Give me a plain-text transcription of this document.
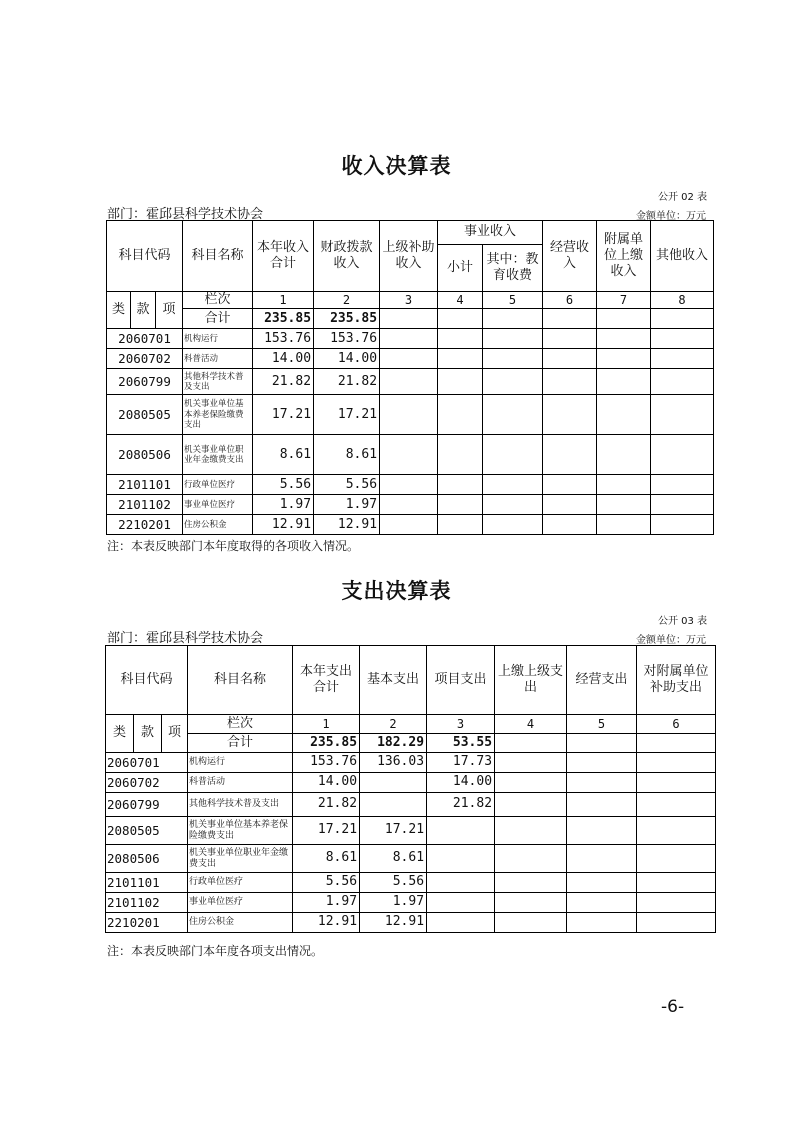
收入决算表
公开 02 表
部门：霍邱县科学技术协会	金额单位：万元
科目代码			科目名称	本年收入合计	财政拨款收入	上级补助收入	事业收入		经营收入	附属单位上缴收入	其他收入
							小计	其中：教育收费			
类	款	项	栏次	1	2	3	4	5	6	7	8
			合计	235.85	235.85						
2060701			机构运行	153.76	153.76						
2060702			科普活动	14.00	14.00						
2060799			其他科学技术普及支出	21.82	21.82						
2080505			机关事业单位基本养老保险缴费支出	17.21	17.21						
2080506			机关事业单位职业年金缴费支出	8.61	8.61						
2101101			行政单位医疗	5.56	5.56						
2101102			事业单位医疗	1.97	1.97						
2210201			住房公积金	12.91	12.91						
注：本表反映部门本年度取得的各项收入情况。
支出决算表
公开 03 表
部门：霍邱县科学技术协会	金额单位：万元
科目代码			科目名称	本年支出合计	基本支出	项目支出	上缴上级支出	经营支出	对附属单位补助支出
类	款	项	栏次	1	2	3	4	5	6
			合计	235.85	182.29	53.55			
2060701			机构运行	153.76	136.03	17.73			
2060702			科普活动	14.00		14.00			
2060799			其他科学技术普及支出	21.82		21.82			
2080505			机关事业单位基本养老保险缴费支出	17.21	17.21				
2080506			机关事业单位职业年金缴费支出	8.61	8.61				
2101101			行政单位医疗	5.56	5.56				
2101102			事业单位医疗	1.97	1.97				
2210201			住房公积金	12.91	12.91				
注：本表反映部门本年度各项支出情况。
-6-
